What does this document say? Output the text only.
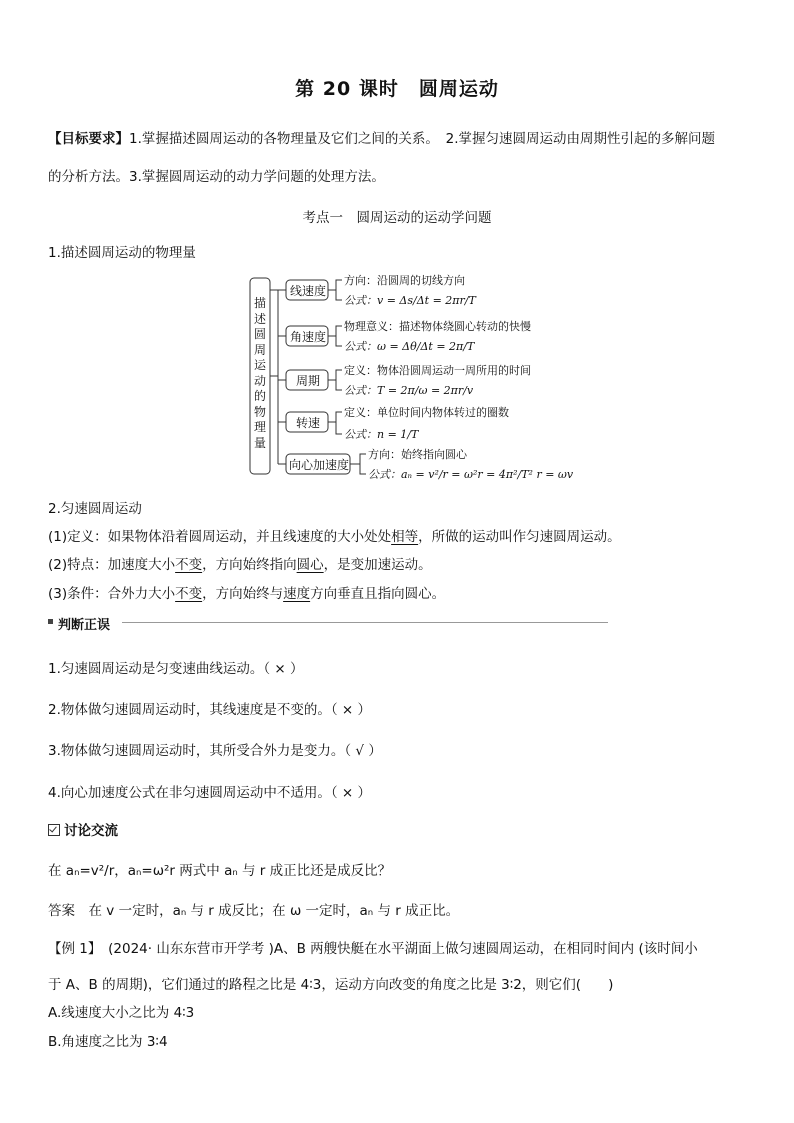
第 20 课时　圆周运动
【目标要求】1.掌握描述圆周运动的各物理量及它们之间的关系。　2.掌握匀速圆周运动由周期性引起的多解问题
的分析方法。3.掌握圆周运动的动力学问题的处理方法。
考点一　圆周运动的运动学问题
1.描述圆周运动的物理量
描述圆周运动的物理量
线速度
角速度
周期
转速
向心加速度
方向：沿圆周的切线方向
公式：v = Δs/Δt = 2πr/T
物理意义：描述物体绕圆心转动的快慢
公式：ω = Δθ/Δt = 2π/T
定义：物体沿圆周运动一周所用的时间
公式：T = 2π/ω = 2πr/v
定义：单位时间内物体转过的圈数
公式：n = 1/T
方向：始终指向圆心
公式：aₙ = v²/r = ω²r = 4π²/T² r = ωv
2.匀速圆周运动
(1)定义：如果物体沿着圆周运动，并且线速度的大小处处相等，所做的运动叫作匀速圆周运动。
(2)特点：加速度大小不变，方向始终指向圆心，是变加速运动。
(3)条件：合外力大小不变，方向始终与速度方向垂直且指向圆心。
判断正误
1.匀速圆周运动是匀变速曲线运动。（ × ）
2.物体做匀速圆周运动时，其线速度是不变的。（ × ）
3.物体做匀速圆周运动时，其所受合外力是变力。（ √ ）
4.向心加速度公式在非匀速圆周运动中不适用。（ × ）
讨论交流
在 aₙ=v²/r，aₙ=ω²r 两式中 aₙ 与 r 成正比还是成反比？
答案　在 v 一定时，aₙ 与 r 成反比；在 ω 一定时，aₙ 与 r 成正比。
【例 1】　(2024· 山东东营市开学考 )A、B 两艘快艇在水平湖面上做匀速圆周运动，在相同时间内 (该时间小
于 A、B 的周期)，它们通过的路程之比是 4∶3，运动方向改变的角度之比是 3∶2，则它们(　　)
A.线速度大小之比为 4∶3
B.角速度之比为 3∶4
